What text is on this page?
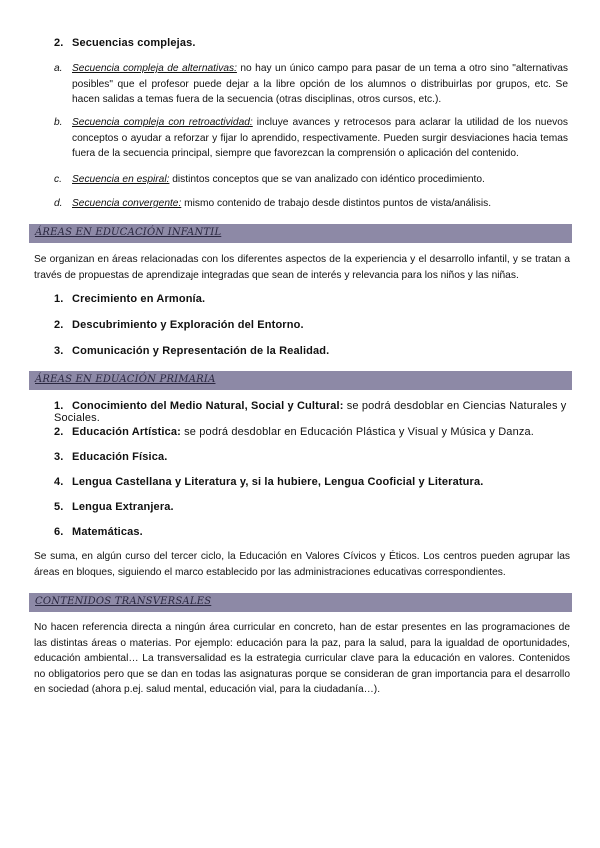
2. Secuencias complejas.
a. Secuencia compleja de alternativas: no hay un único campo para pasar de un tema a otro sino "alternativas posibles" que el profesor puede dejar a la libre opción de los alumnos o distribuirlas por grupos, etc. Se hacen salidas a temas fuera de la secuencia (otras disciplinas, otros cursos, etc.).
b. Secuencia compleja con retroactividad: incluye avances y retrocesos para aclarar la utilidad de los nuevos conceptos o ayudar a reforzar y fijar lo aprendido, respectivamente. Pueden surgir desviaciones hacia temas fuera de la secuencia principal, siempre que favorezcan la comprensión o aplicación del contenido.
c. Secuencia en espiral: distintos conceptos que se van analizado con idéntico procedimiento.
d. Secuencia convergente: mismo contenido de trabajo desde distintos puntos de vista/análisis.
ÁREAS EN EDUCACIÓN INFANTIL
Se organizan en áreas relacionadas con los diferentes aspectos de la experiencia y el desarrollo infantil, y se tratan a través de propuestas de aprendizaje integradas que sean de interés y relevancia para los niños y las niñas.
1. Crecimiento en Armonía.
2. Descubrimiento y Exploración del Entorno.
3. Comunicación y Representación de la Realidad.
ÁREAS EN EDUACIÓN PRIMARIA
1. Conocimiento del Medio Natural, Social y Cultural: se podrá desdoblar en Ciencias Naturales y Sociales.
2. Educación Artística: se podrá desdoblar en Educación Plástica y Visual y Música y Danza.
3. Educación Física.
4. Lengua Castellana y Literatura y, si la hubiere, Lengua Cooficial y Literatura.
5. Lengua Extranjera.
6. Matemáticas.
Se suma, en algún curso del tercer ciclo, la Educación en Valores Cívicos y Éticos. Los centros pueden agrupar las áreas en bloques, siguiendo el marco establecido por las administraciones educativas correspondientes.
CONTENIDOS TRANSVERSALES
No hacen referencia directa a ningún área curricular en concreto, han de estar presentes en las programaciones de las distintas áreas o materias. Por ejemplo: educación para la paz, para la salud, para la igualdad de oportunidades, educación ambiental… La transversalidad es la estrategia curricular clave para la educación en valores. Contenidos no obligatorios pero que se dan en todas las asignaturas porque se consideran de gran importancia para el desarrollo en sociedad (ahora p.ej. salud mental, educación vial, para la ciudadanía…).
